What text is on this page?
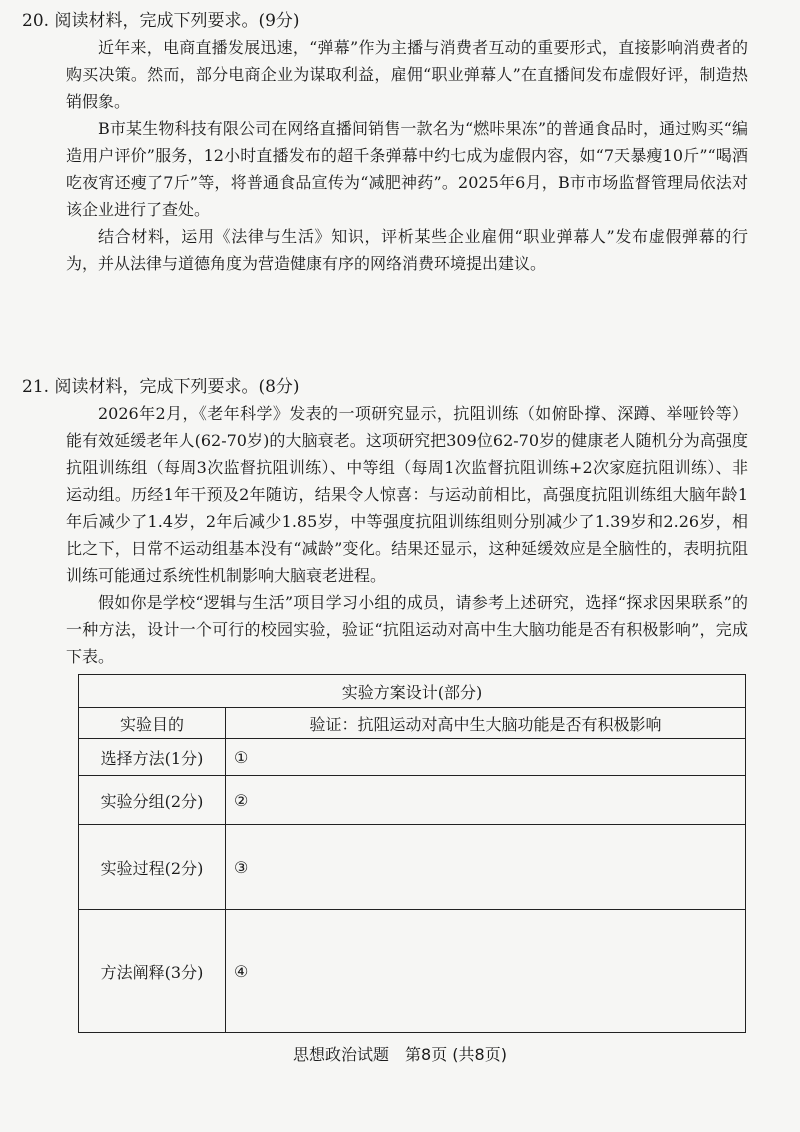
20. 阅读材料，完成下列要求。(9分)

近年来，电商直播发展迅速，“弹幕”作为主播与消费者互动的重要形式，直接影响消费者的购买决策。然而，部分电商企业为谋取利益，雇佣“职业弹幕人”在直播间发布虚假好评，制造热销假象。

B市某生物科技有限公司在网络直播间销售一款名为“燃咔果冻”的普通食品时，通过购买“编造用户评价”服务，12小时直播发布的超千条弹幕中约七成为虚假内容，如“7天暴瘦10斤”“喝酒吃夜宵还瘦了7斤”等，将普通食品宣传为“减肥神药”。2025年6月，B市市场监督管理局依法对该企业进行了查处。

结合材料，运用《法律与生活》知识，评析某些企业雇佣“职业弹幕人”发布虚假弹幕的行为，并从法律与道德角度为营造健康有序的网络消费环境提出建议。

21. 阅读材料，完成下列要求。(8分)

2026年2月，《老年科学》发表的一项研究显示，抗阻训练（如俯卧撑、深蹲、举哑铃等）能有效延缓老年人(62-70岁)的大脑衰老。这项研究把309位62-70岁的健康老人随机分为高强度抗阻训练组（每周3次监督抗阻训练）、中等组（每周1次监督抗阻训练+2次家庭抗阻训练）、非运动组。历经1年干预及2年随访，结果令人惊喜：与运动前相比，高强度抗阻训练组大脑年龄1年后减少了1.4岁，2年后减少1.85岁，中等强度抗阻训练组则分别减少了1.39岁和2.26岁，相比之下，日常不运动组基本没有“减龄”变化。结果还显示，这种延缓效应是全脑性的，表明抗阻训练可能通过系统性机制影响大脑衰老进程。

假如你是学校“逻辑与生活”项目学习小组的成员，请参考上述研究，选择“探求因果联系”的一种方法，设计一个可行的校园实验，验证“抗阻运动对高中生大脑功能是否有积极影响”，完成下表。

实验方案设计(部分)	
实验目的	验证：抗阻运动对高中生大脑功能是否有积极影响
选择方法(1分)	①
实验分组(2分)	②
实验过程(2分)	③
方法阐释(3分)	④
思想政治试题　第8页 (共8页)
